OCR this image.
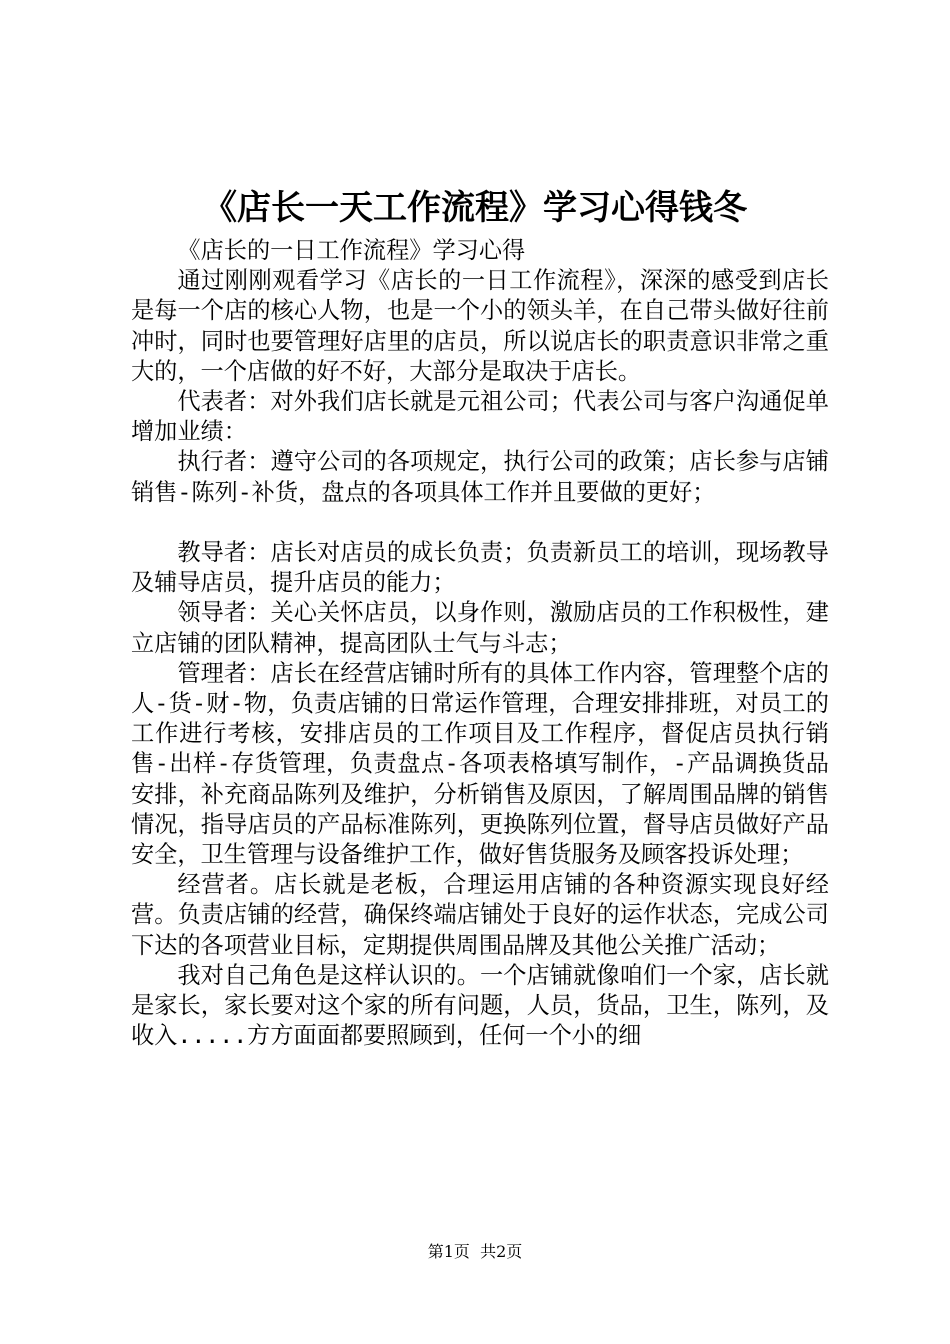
《店长一天工作流程》学习心得钱冬

《店长的一日工作流程》学习心得

通过刚刚观看学习《店长的一日工作流程》，深深的感受到店长是每一个店的核心人物，也是一个小的领头羊，在自己带头做好往前冲时，同时也要管理好店里的店员，所以说店长的职责意识非常之重大的，一个店做的好不好，大部分是取决于店长。

代表者：对外我们店长就是元祖公司；代表公司与客户沟通促单增加业绩：

执行者：遵守公司的各项规定，执行公司的政策；店长参与店铺销售-陈列-补货，盘点的各项具体工作并且要做的更好；

教导者：店长对店员的成长负责；负责新员工的培训，现场教导及辅导店员，提升店员的能力；

领导者：关心关怀店员，以身作则，激励店员的工作积极性，建立店铺的团队精神，提高团队士气与斗志；

管理者：店长在经营店铺时所有的具体工作内容，管理整个店的人-货-财-物，负责店铺的日常运作管理，合理安排排班，对员工的工作进行考核，安排店员的工作项目及工作程序，督促店员执行销售-出样-存货管理，负责盘点-各项表格填写制作，-产品调换货品安排，补充商品陈列及维护，分析销售及原因，了解周围品牌的销售情况，指导店员的产品标准陈列，更换陈列位置，督导店员做好产品安全，卫生管理与设备维护工作，做好售货服务及顾客投诉处理；

经营者。店长就是老板，合理运用店铺的各种资源实现良好经营。负责店铺的经营，确保终端店铺处于良好的运作状态，完成公司下达的各项营业目标，定期提供周围品牌及其他公关推广活动；

我对自己角色是这样认识的。一个店铺就像咱们一个家，店长就是家长，家长要对这个家的所有问题，人员，货品，卫生，陈列，及收入.....方方面面都要照顾到，任何一个小的细

第1页  共2页
